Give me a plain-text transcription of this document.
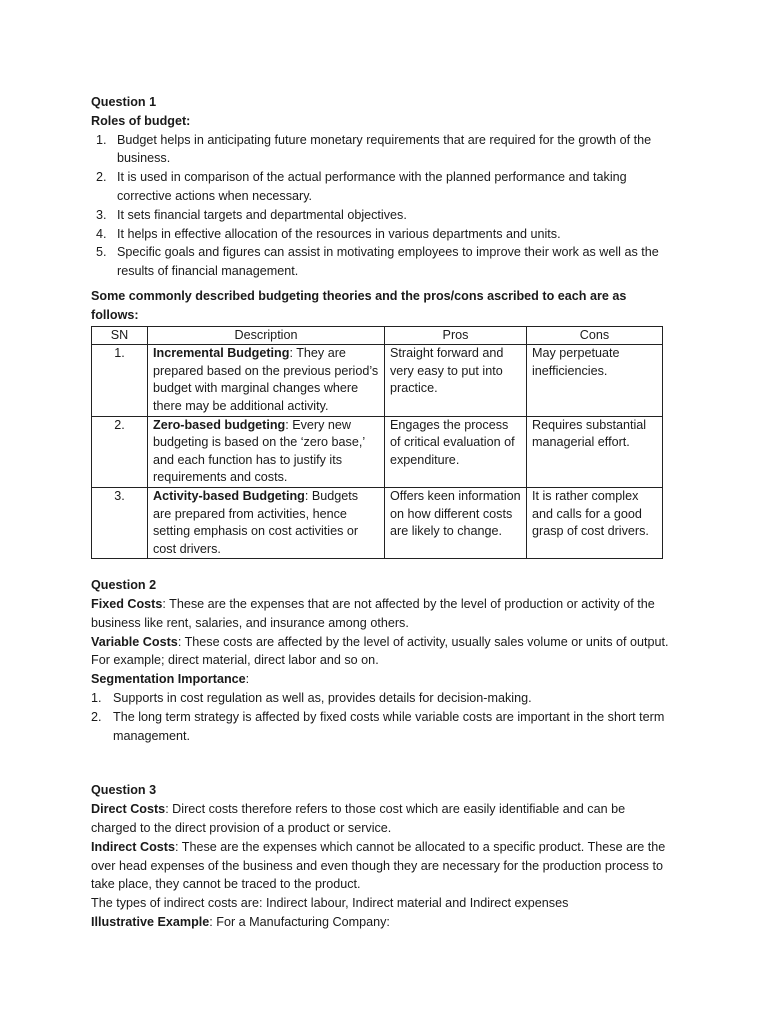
Question 1

Roles of budget:

1. Budget helps in anticipating future monetary requirements that are required for the growth of the business.
2. It is used in comparison of the actual performance with the planned performance and taking corrective actions when necessary.
3. It sets financial targets and departmental objectives.
4. It helps in effective allocation of the resources in various departments and units.
5. Specific goals and figures can assist in motivating employees to improve their work as well as the results of financial management.

Some commonly described budgeting theories and the pros/cons ascribed to each are as follows:

SN	Description	Pros	Cons
1.	Incremental Budgeting: They are prepared based on the previous period’s budget with marginal changes where there may be additional activity.	Straight forward and very easy to put into practice.	May perpetuate inefficiencies.
2.	Zero-based budgeting: Every new budgeting is based on the ‘zero base,’ and each function has to justify its requirements and costs.	Engages the process of critical evaluation of expenditure.	Requires substantial managerial effort.
3.	Activity-based Budgeting: Budgets are prepared from activities, hence setting emphasis on cost activities or cost drivers.	Offers keen information on how different costs are likely to change.	It is rather complex and calls for a good grasp of cost drivers.

Question 2

Fixed Costs: These are the expenses that are not affected by the level of production or activity of the business like rent, salaries, and insurance among others.

Variable Costs: These costs are affected by the level of activity, usually sales volume or units of output. For example; direct material, direct labor and so on.

Segmentation Importance:

1. Supports in cost regulation as well as, provides details for decision-making.
2. The long term strategy is affected by fixed costs while variable costs are important in the short term management.

Question 3

Direct Costs: Direct costs therefore refers to those cost which are easily identifiable and can be charged to the direct provision of a product or service.

Indirect Costs: These are the expenses which cannot be allocated to a specific product. These are the over head expenses of the business and even though they are necessary for the production process to take place, they cannot be traced to the product.

The types of indirect costs are: Indirect labour, Indirect material and Indirect expenses

Illustrative Example: For a Manufacturing Company:
